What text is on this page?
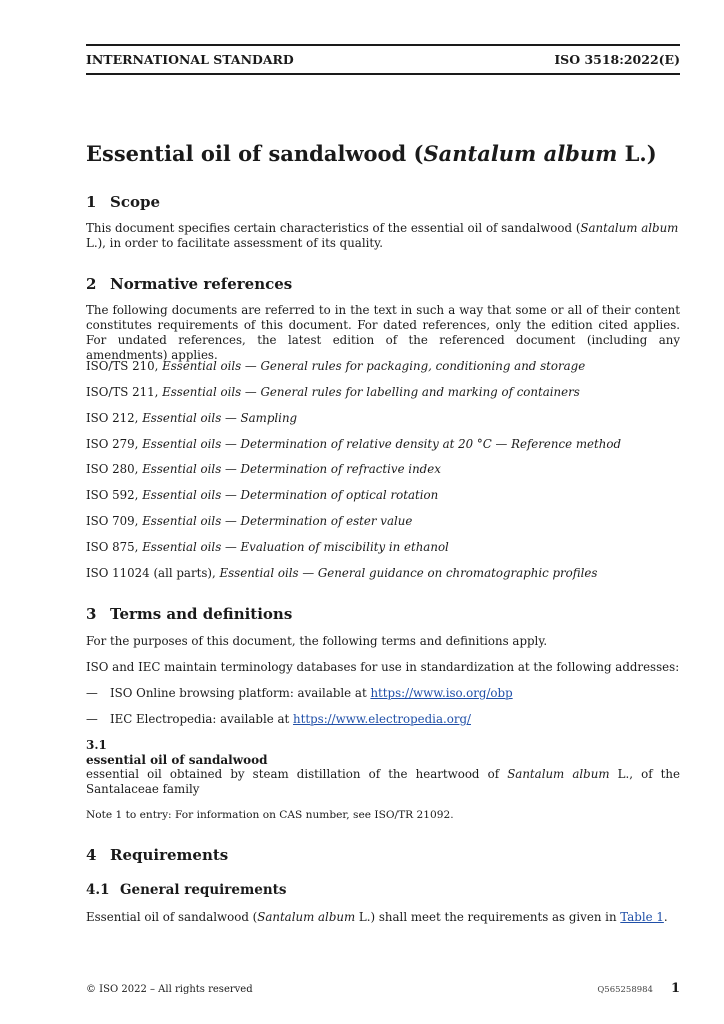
INTERNATIONAL STANDARD	ISO 3518:2022(E)
Essential oil of sandalwood (Santalum album L.)
1 Scope
This document specifies certain characteristics of the essential oil of sandalwood (Santalum album L.), in order to facilitate assessment of its quality.
2 Normative references
The following documents are referred to in the text in such a way that some or all of their content constitutes requirements of this document. For dated references, only the edition cited applies. For undated references, the latest edition of the referenced document (including any amendments) applies.
ISO/TS 210, Essential oils — General rules for packaging, conditioning and storage
ISO/TS 211, Essential oils — General rules for labelling and marking of containers
ISO 212, Essential oils — Sampling
ISO 279, Essential oils — Determination of relative density at 20 °C — Reference method
ISO 280, Essential oils — Determination of refractive index
ISO 592, Essential oils — Determination of optical rotation
ISO 709, Essential oils — Determination of ester value
ISO 875, Essential oils — Evaluation of miscibility in ethanol
ISO 11024 (all parts), Essential oils — General guidance on chromatographic profiles
3 Terms and definitions
For the purposes of this document, the following terms and definitions apply.
ISO and IEC maintain terminology databases for use in standardization at the following addresses:
— ISO Online browsing platform: available at https://www.iso.org/obp
— IEC Electropedia: available at https://www.electropedia.org/
3.1
essential oil of sandalwood
essential oil obtained by steam distillation of the heartwood of Santalum album L., of the Santalaceae family
Note 1 to entry: For information on CAS number, see ISO/TR 21092.
4 Requirements
4.1 General requirements
Essential oil of sandalwood (Santalum album L.) shall meet the requirements as given in Table 1.
© ISO 2022 – All rights reserved	Q565258984 1
